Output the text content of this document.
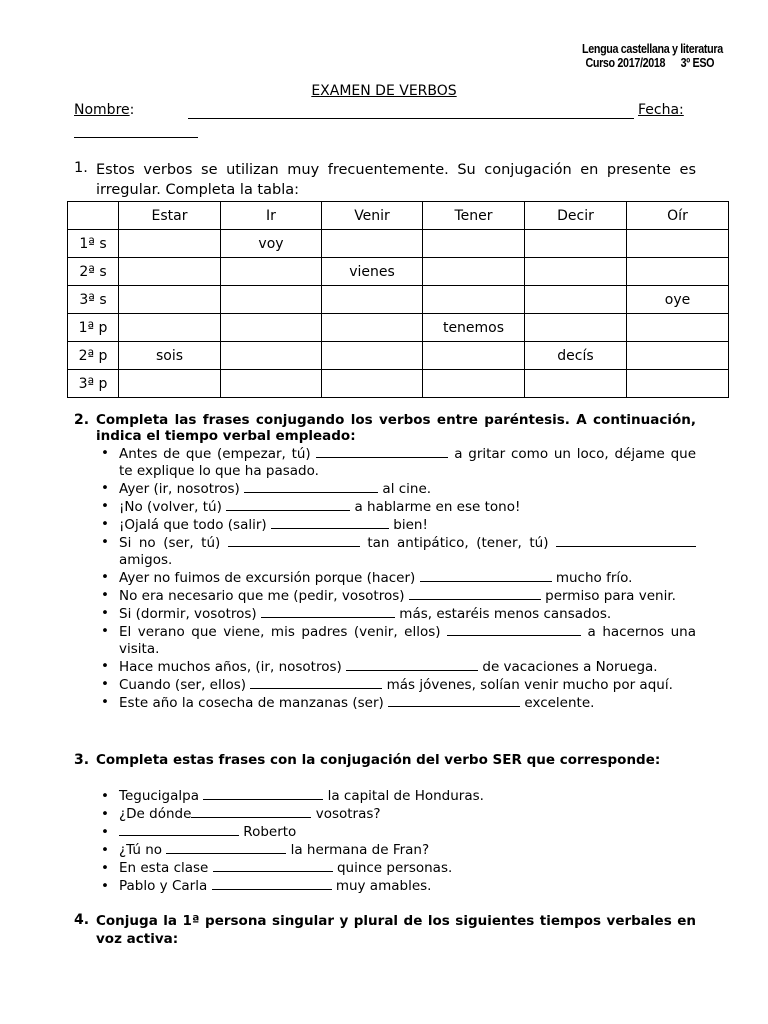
Lengua castellana y literatura
Curso 2017/2018 3º ESO
EXAMEN DE VERBOS
Nombre:	Fecha:
1. Estos verbos se utilizan muy frecuentemente. Su conjugación en presente es irregular. Completa la tabla:
	Estar	Ir	Venir	Tener	Decir	Oír
1ª s		voy				
2ª s			vienes			
3ª s						oye
1ª p				tenemos		
2ª p	sois				decís	
3ª p						
2. Completa las frases conjugando los verbos entre paréntesis. A continuación, indica el tiempo verbal empleado:
• Antes de que (empezar, tú)	a gritar como un loco, déjame que te explique lo que ha pasado.
• Ayer (ir, nosotros)	al cine.
• ¡No (volver, tú)	a hablarme en ese tono!
• ¡Ojalá que todo (salir)	bien!
• Si no (ser, tú)	tan antipático, (tener, tú)  amigos.
• Ayer no fuimos de excursión porque (hacer)	mucho frío.
• No era necesario que me (pedir, vosotros)	permiso para venir.
• Si (dormir, vosotros)	más, estaréis menos cansados.
• El verano que viene, mis padres (venir, ellos)	a hacernos una visita.
• Hace muchos años, (ir, nosotros)	de vacaciones a Noruega.
• Cuando (ser, ellos)	más jóvenes, solían venir mucho por aquí.
• Este año la cosecha de manzanas (ser)	excelente.
3. Completa estas frases con la conjugación del verbo SER que corresponde:
• Tegucigalpa	la capital de Honduras.
• ¿De dónde	vosotras?
• Roberto
• ¿Tú no	la hermana de Fran?
• En esta clase	quince personas.
• Pablo y Carla	muy amables.
4. Conjuga la 1ª persona singular y plural de los siguientes tiempos verbales en voz activa:
